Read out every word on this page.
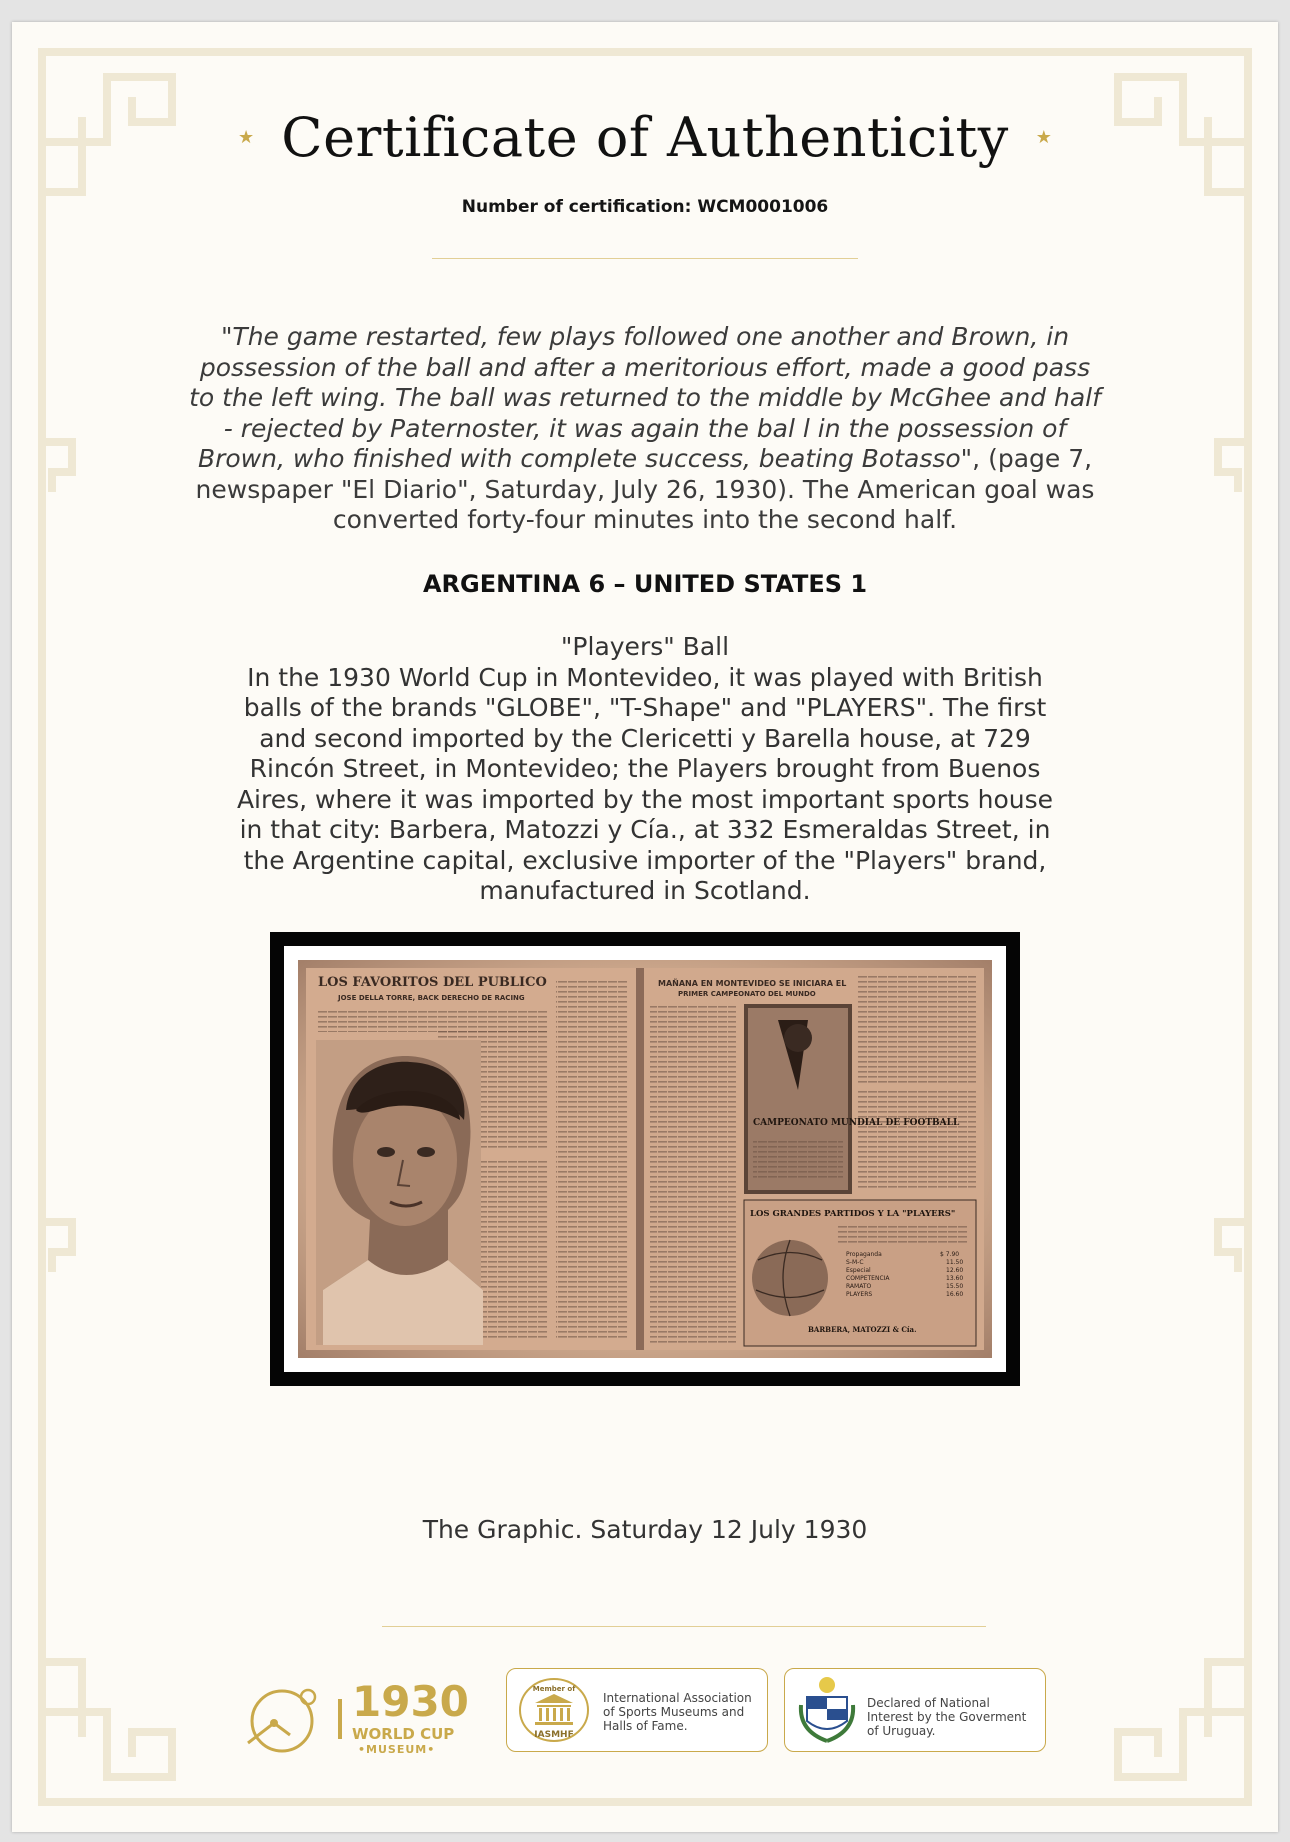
★ Certificate of Authenticity ★
Number of certification: WCM0001006
"The game restarted, few plays followed one another and Brown, in possession of the ball and after a meritorious effort, made a good pass to the left wing. The ball was returned to the middle by McGhee and half - rejected by Paternoster, it was again the bal l in the possession of Brown, who finished with complete success, beating Botasso", (page 7, newspaper "El Diario", Saturday, July 26, 1930). The American goal was converted forty-four minutes into the second half.
ARGENTINA 6 – UNITED STATES 1
"Players" Ball
In the 1930 World Cup in Montevideo, it was played with British balls of the brands "GLOBE", "T-Shape" and "PLAYERS". The first and second imported by the Clericetti y Barella house, at 729 Rincón Street, in Montevideo; the Players brought from Buenos Aires, where it was imported by the most important sports house in that city: Barbera, Matozzi y Cía., at 332 Esmeraldas Street, in the Argentine capital, exclusive importer of the "Players" brand, manufactured in Scotland.
LOS FAVORITOS DEL PUBLICO
JOSE DELLA TORRE, BACK DERECHO DE RACING
MAÑANA EN MONTEVIDEO SE INICIARA EL
PRIMER CAMPEONATO DEL MUNDO
CAMPEONATO MUNDIAL DE FOOTBALL
LOS GRANDES PARTIDOS Y LA "PLAYERS"
Propaganda	$ 7.90
S-M-C	11.50
Especial	12.60
COMPETENCIA	13.60
RAMATO	15.50
PLAYERS	16.60
BARBERA, MATOZZI & Cía.
The Graphic. Saturday 12 July 1930
1930
WORLD CUP
•MUSEUM•
Member of
IASMHF
International Association of Sports Museums and Halls of Fame.
Declared of National Interest by the Goverment of Uruguay.
